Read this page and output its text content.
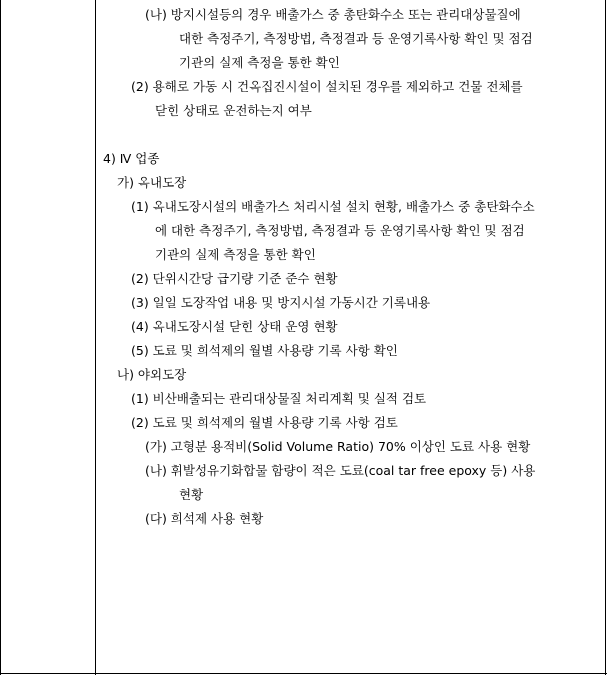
(나) 방지시설등의 경우 배출가스 중 총탄화수소 또는 관리대상물질에
대한 측정주기, 측정방법, 측정결과 등 운영기록사항 확인 및 점검
기관의 실제 측정을 통한 확인
(2) 용해로 가동 시 건옥집진시설이 설치된 경우를 제외하고 건물 전체를
닫힌 상태로 운전하는지 여부
4) Ⅳ 업종
가) 옥내도장
(1) 옥내도장시설의 배출가스 처리시설 설치 현황, 배출가스 중 총탄화수소
에 대한 측정주기, 측정방법, 측정결과 등 운영기록사항 확인 및 점검
기관의 실제 측정을 통한 확인
(2) 단위시간당 급기량 기준 준수 현황
(3) 일일 도장작업 내용 및 방지시설 가동시간 기록내용
(4) 옥내도장시설 닫힌 상태 운영 현황
(5) 도료 및 희석제의 월별 사용량 기록 사항 확인
나) 야외도장
(1) 비산배출되는 관리대상물질 처리계획 및 실적 검토
(2) 도료 및 희석제의 월별 사용량 기록 사항 검토
(가) 고형분 용적비(Solid Volume Ratio) 70% 이상인 도료 사용 현황
(나) 휘발성유기화합물 함량이 적은 도료(coal tar free epoxy 등) 사용
현황
(다) 희석제 사용 현황
